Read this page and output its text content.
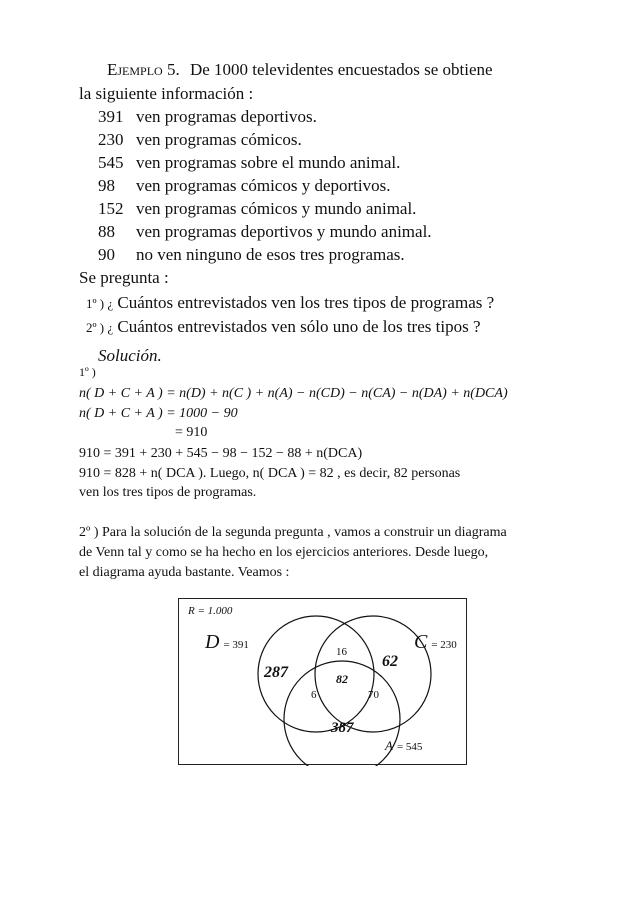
Ejemplo 5. De 1000 televidentes encuestados se obtiene
la siguiente información :
391 ven programas deportivos.
230 ven programas cómicos.
545 ven programas sobre el mundo animal.
98 ven programas cómicos y deportivos.
152 ven programas cómicos y mundo animal.
88 ven programas deportivos y mundo animal.
90 no ven ninguno de esos tres programas.
Se pregunta :
1º ) ¿ Cuántos entrevistados ven los tres tipos de programas ?
2º ) ¿ Cuántos entrevistados ven sólo uno de los tres tipos ?
Solución.
1º )
n( D + C + A ) = n(D) + n(C ) + n(A) − n(CD) − n(CA) − n(DA) + n(DCA)
n( D + C + A ) = 1000 − 90
= 910
910 = 391 + 230 + 545 − 98 − 152 − 88 + n(DCA)
910 = 828 + n( DCA ). Luego, n( DCA ) = 82 , es decir, 82 personas
ven los tres tipos de programas.
2º ) Para la solución de la segunda pregunta , vamos a construir un diagrama
de Venn tal y como se ha hecho en los ejercicios anteriores. Desde luego,
el diagrama ayuda bastante. Veamos :
R = 1.000
D = 391	C = 230
A = 545
287
62
387
16
6	70
82
